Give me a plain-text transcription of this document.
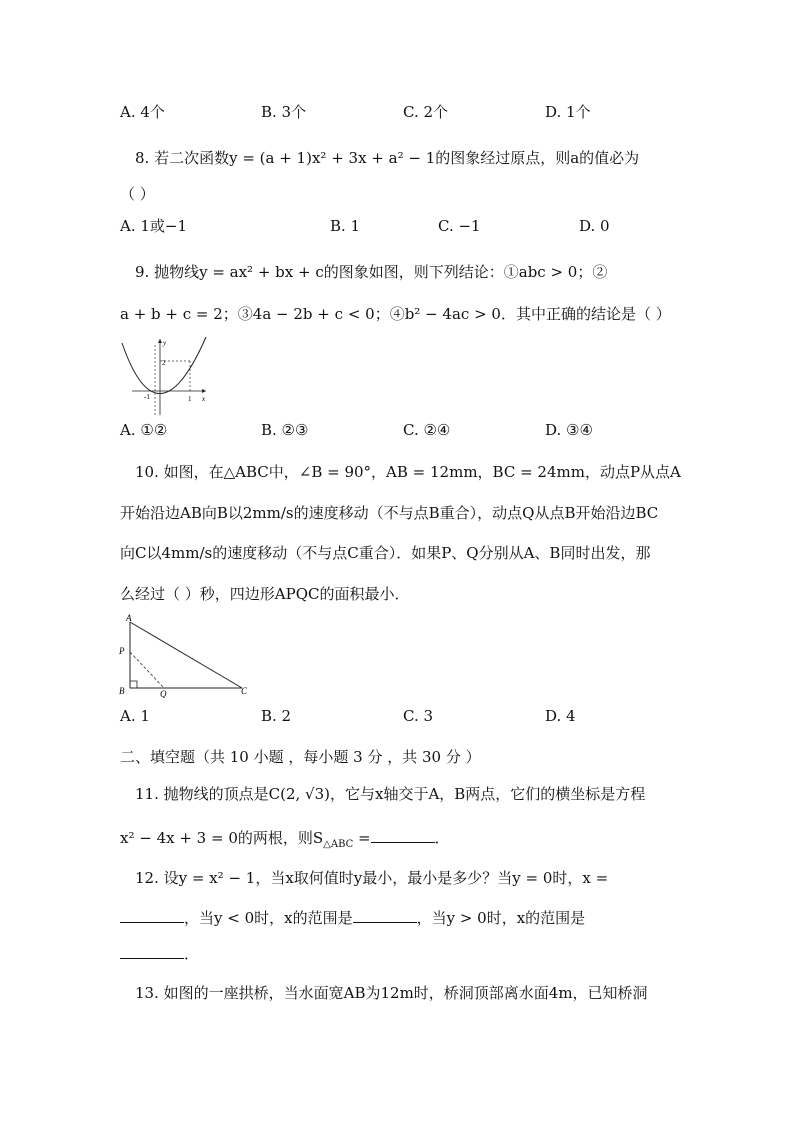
A. 4个	B. 3个	C. 2个	D. 1个
8. 若二次函数y = (a + 1)x² + 3x + a² − 1的图象经过原点，则a的值必为
（ ）
A. 1或−1	B. 1	C. −1	D. 0
9. 抛物线y = ax² + bx + c的图象如图，则下列结论：①abc > 0；②
a + b + c = 2；③4a − 2b + c < 0；④b² − 4ac > 0．其中正确的结论是（ ）
y
x
2
-1	1
A. ①②	B. ②③	C. ②④	D. ③④
10. 如图，在△ABC中，∠B = 90°，AB = 12mm，BC = 24mm，动点P从点A
开始沿边AB向B以2mm/s的速度移动（不与点B重合），动点Q从点B开始沿边BC
向C以4mm/s的速度移动（不与点C重合）．如果P、Q分别从A、B同时出发，那
么经过（ ）秒，四边形APQC的面积最小．
A
P
B	Q	C
A. 1	B. 2	C. 3	D. 4
二、填空题（共 10 小题 ，每小题 3 分 ，共 30 分 ）
11. 抛物线的顶点是C(2, √3)，它与x轴交于A，B两点，它们的横坐标是方程
x² − 4x + 3 = 0的两根，则$S_{\triangle ABC}$ =	．
12. 设y = x² − 1，当x取何值时y最小，最小是多少？当y = 0时，x =
，当y < 0时，x的范围是	，当y > 0时，x的范围是
．
13. 如图的一座拱桥，当水面宽AB为12m时，桥洞顶部离水面4m，已知桥洞
